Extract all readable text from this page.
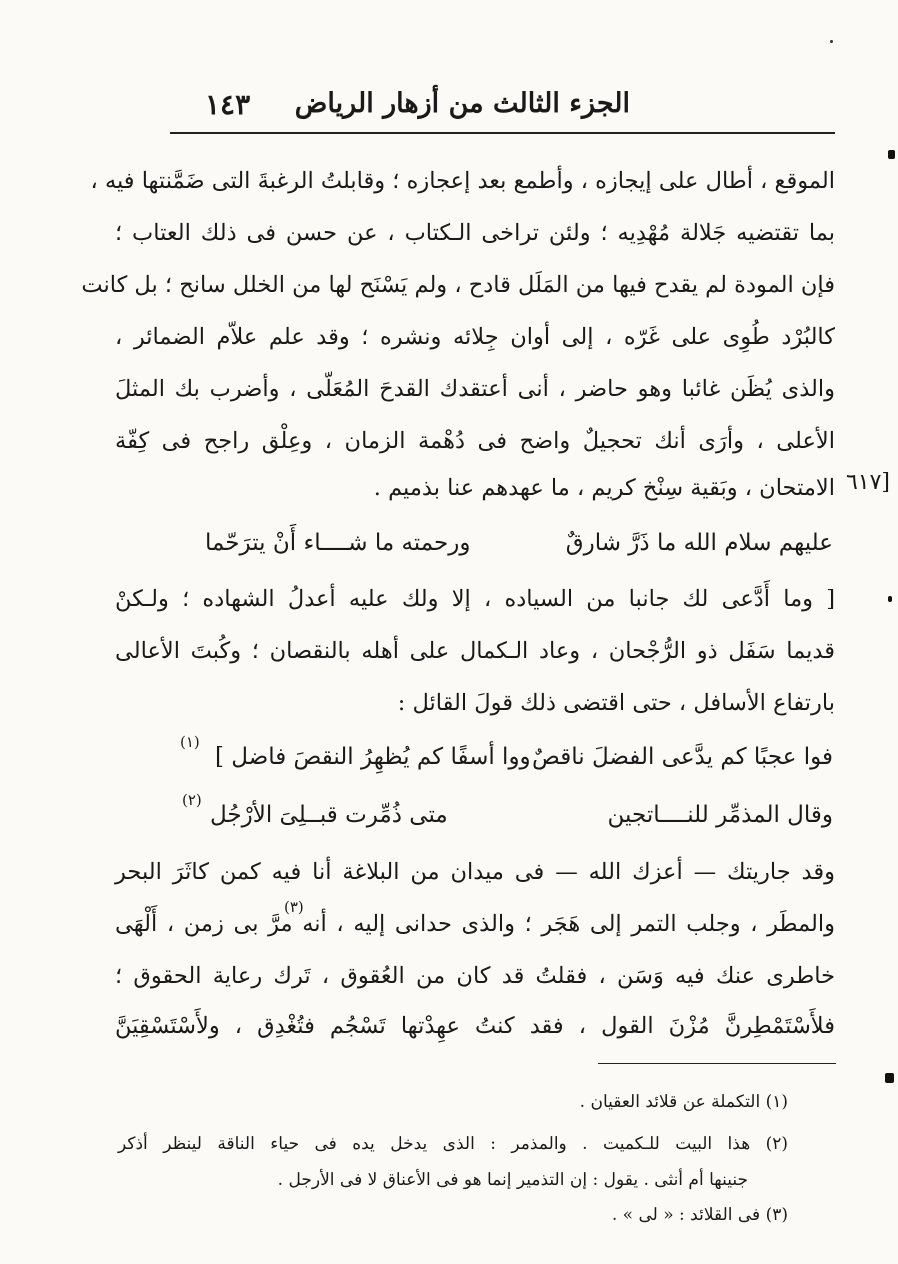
١٤٣ الجزء الثالث من أزهار الرياض
[٦١٧
الموقع ، أطال على إيجازه ، وأطمع بعد إعجازه ؛ وقابلتُ الرغبةَ التى ضَمَّنتها فيه ،
بما تقتضيه جَلالة مُهْدِيه ؛ ولئن تراخى الـكتاب ، عن حسن فى ذلك العتاب ؛
فإن المودة لم يقدح فيها من المَلَل قادح ، ولم يَسْنَح لها من الخلل سانح ؛ بل كانت
كالبُرْد طُوِى على غَرّه ، إلى أوان جِلائه ونشره ؛ وقد علم علاّم الضمائر ،
والذى يُظَن غائبا وهو حاضر ، أنى أعتقدك القدحَ المُعَلّى ، وأضرب بك المثلَ
الأعلى ، وأرَى أنك تحجيلٌ واضح فى دُهْمة الزمان ، وعِلْق راجح فى كِفّة
الامتحان ، وبَقية سِنْخ كريم ، ما عهدهم عنا بذميم .
عليهم سلام الله ما ذَرَّ شارقٌ
ورحمته ما شــــاء أَنْ يترَحّما
[ وما أَدَّعى لك جانبا من السياده ، إلا ولك عليه أعدلُ الشهاده ؛ ولـكنْ
قديما سَفَل ذو الرُّجْحان ، وعاد الـكمال على أهله بالنقصان ؛ وكُبتَ الأعالى
بارتفاع الأسافل ، حتى اقتضى ذلك قولَ القائل :
فوا عجبًا كم يدَّعى الفضلَ ناقصٌ
ووا أسفًا كم يُظهِرُ النقصَ فاضل ]
(١)
وقال المذمِّر للنــــاتجين
متى ذُمِّرت قبــلِىَ الأرْجُل
(٢)
وقد جاريتك — أعزك الله — فى ميدان من البلاغة أنا فيه كمن كاثَرَ البحر
والمطَر ، وجلب التمر إلى هَجَر ؛ والذى حدانى إليه ، أنه مرَّ بى زمن ، أَلْهَى
(٣)
خاطرى عنك فيه وَسَن ، فقلتُ قد كان من العُقوق ، تَرك رعاية الحقوق ؛
فلأَسْتَمْطِرنَّ مُزْنَ القول ، فقد كنتُ عهِدْتها تَسْجُم فتُغْدِق ، ولأَسْتَسْقِيَنَّ
(١) التكملة عن قلائد العقيان .
(٢) هذا البيت للـكميت . والمذمر : الذى يدخل يده فى حياء الناقة لينظر أذكر
جنينها أم أنثى . يقول : إن التذمير إنما هو فى الأعناق لا فى الأرجل .
(٣) فى القلائد : « لى » .
